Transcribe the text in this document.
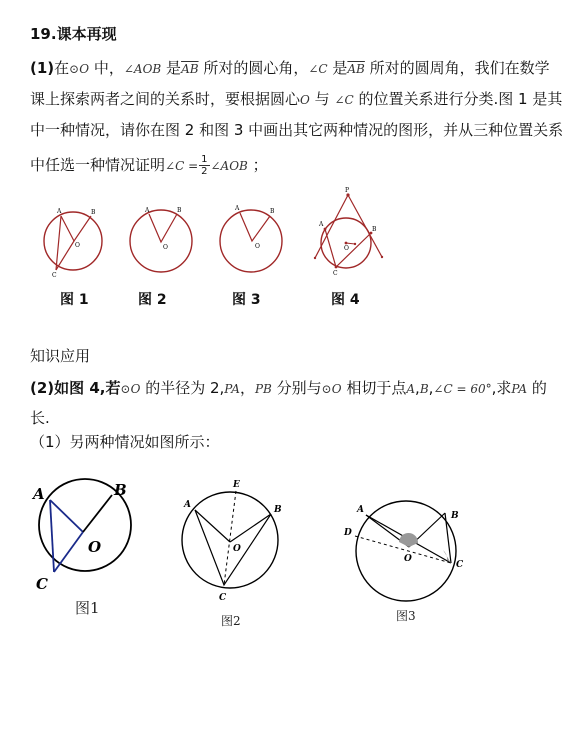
19.课本再现
(1)在⊙O 中，∠AOB 是$\overline{AB}$ 所对的圆心角，∠C 是$\overline{AB}$ 所对的圆周角，我们在数学
课上探索两者之间的关系时，要根据圆心O 与 ∠C 的位置关系进行分类.图 1 是其
中一种情况，请你在图 2 和图 3 中画出其它两种情况的图形，并从三种位置关系
中任选一种情况证明∠C = $\frac{1}{2}$ ∠AOB ；
A	B
O
C
A	B
O
A	B
O
P
A
B
O
C
图 1	图 2	图 3	图 4
知识应用
(2)如图 4,若⊙O 的半径为 2,PA，PB 分别与⊙O 相切于点A,B,∠C = 60°,求PA 的
长.
（1）另两种情况如图所示：
A	B
O
C
E
A	B
O
C
A
B
D
O
C
图1
图2	图3
